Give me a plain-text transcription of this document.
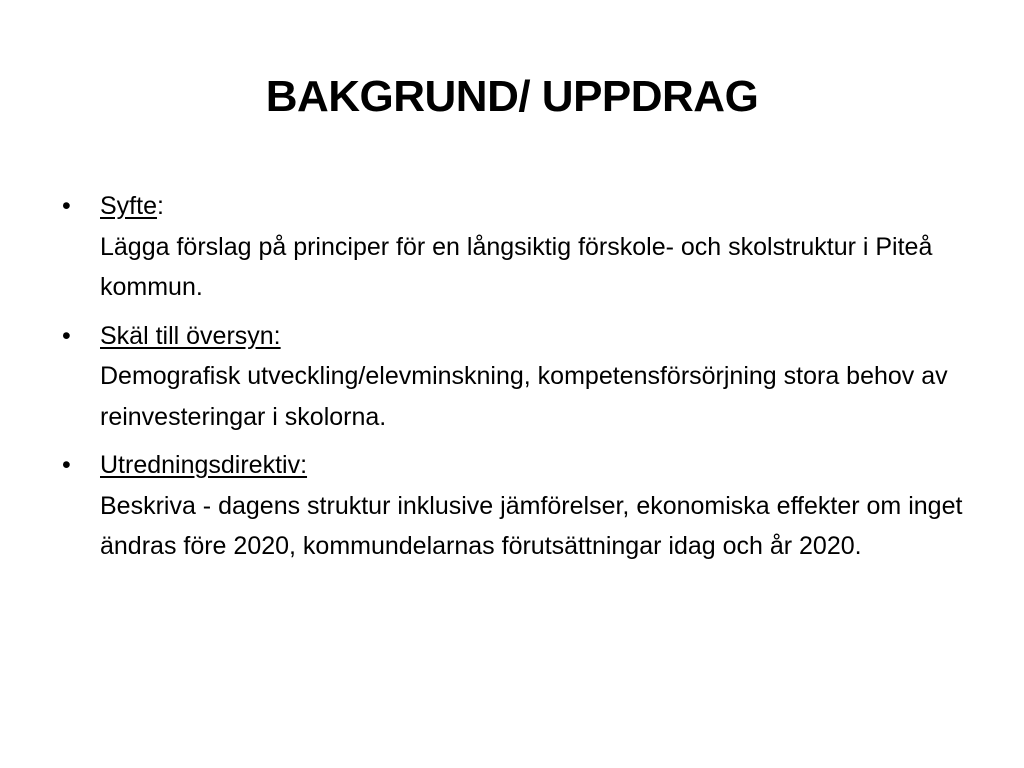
BAKGRUND/ UPPDRAG
• Syfte:
Lägga förslag på principer för en långsiktig förskole- och skolstruktur i Piteå kommun.
• Skäl till översyn:
Demografisk utveckling/elevminskning, kompetensförsörjning stora behov av reinvesteringar i skolorna.
• Utredningsdirektiv:
Beskriva - dagens struktur inklusive jämförelser, ekonomiska effekter om inget ändras före 2020, kommundelarnas förutsättningar idag och år 2020.
